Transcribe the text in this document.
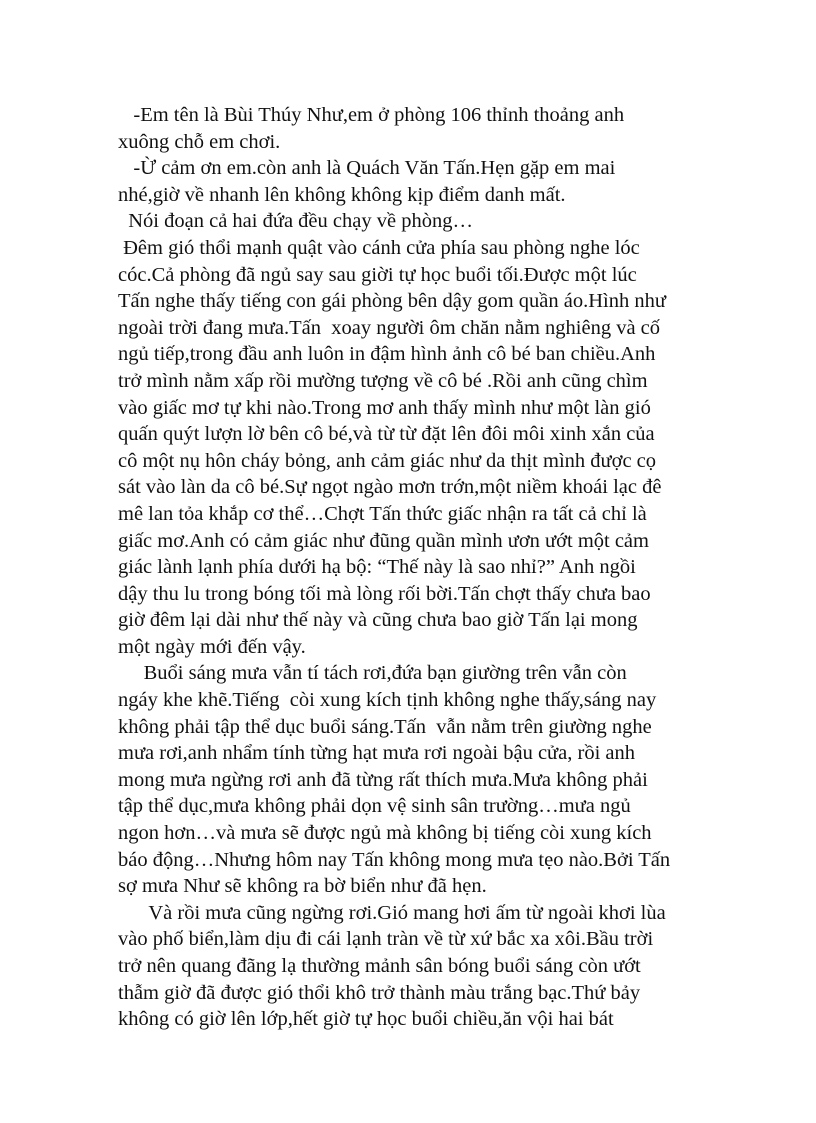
-Em tên là Bùi Thúy Như,em ở phòng 106 thỉnh thoảng anh
xuông chỗ em chơi.
-Ừ cảm ơn em.còn anh là Quách Văn Tấn.Hẹn gặp em mai
nhé,giờ về nhanh lên không không kịp điểm danh mất.
Nói đoạn cả hai đứa đều chạy về phòng…
Đêm gió thổi mạnh quật vào cánh cửa phía sau phòng nghe lóc
cóc.Cả phòng đã ngủ say sau giời tự học buổi tối.Được một lúc
Tấn nghe thấy tiếng con gái phòng bên dậy gom quần áo.Hình như
ngoài trời đang mưa.Tấn  xoay người ôm chăn nằm nghiêng và cố
ngủ tiếp,trong đầu anh luôn in đậm hình ảnh cô bé ban chiều.Anh
trở mình nằm xấp rồi mường tượng về cô bé .Rồi anh cũng chìm
vào giấc mơ tự khi nào.Trong mơ anh thấy mình như một làn gió
quấn quýt lượn lờ bên cô bé,và từ từ đặt lên đôi môi xinh xắn của
cô một nụ hôn cháy bỏng, anh cảm giác như da thịt mình được cọ
sát vào làn da cô bé.Sự ngọt ngào mơn trớn,một niềm khoái lạc đê
mê lan tỏa khắp cơ thể…Chợt Tấn thức giấc nhận ra tất cả chỉ là
giấc mơ.Anh có cảm giác như đũng quần mình ươn ướt một cảm
giác lành lạnh phía dưới hạ bộ: “Thế này là sao nhỉ?” Anh ngồi
dậy thu lu trong bóng tối mà lòng rối bời.Tấn chợt thấy chưa bao
giờ đêm lại dài như thế này và cũng chưa bao giờ Tấn lại mong
một ngày mới đến vậy.
Buổi sáng mưa vẫn tí tách rơi,đứa bạn giường trên vẫn còn
ngáy khe khẽ.Tiếng  còi xung kích tịnh không nghe thấy,sáng nay
không phải tập thể dục buổi sáng.Tấn  vẫn nằm trên giường nghe
mưa rơi,anh nhẩm tính từng hạt mưa rơi ngoài bậu cửa, rồi anh
mong mưa ngừng rơi anh đã từng rất thích mưa.Mưa không phải
tập thể dục,mưa không phải dọn vệ sinh sân trường…mưa ngủ
ngon hơn…và mưa sẽ được ngủ mà không bị tiếng còi xung kích
báo động…Nhưng hôm nay Tấn không mong mưa tẹo nào.Bởi Tấn
sợ mưa Như sẽ không ra bờ biển như đã hẹn.
Và rồi mưa cũng ngừng rơi.Gió mang hơi ấm từ ngoài khơi lùa
vào phố biển,làm dịu đi cái lạnh tràn về từ xứ bắc xa xôi.Bầu trời
trở nên quang đãng lạ thường mảnh sân bóng buổi sáng còn ướt
thẫm giờ đã được gió thổi khô trở thành màu trắng bạc.Thứ bảy
không có giờ lên lớp,hết giờ tự học buổi chiều,ăn vội hai bát
